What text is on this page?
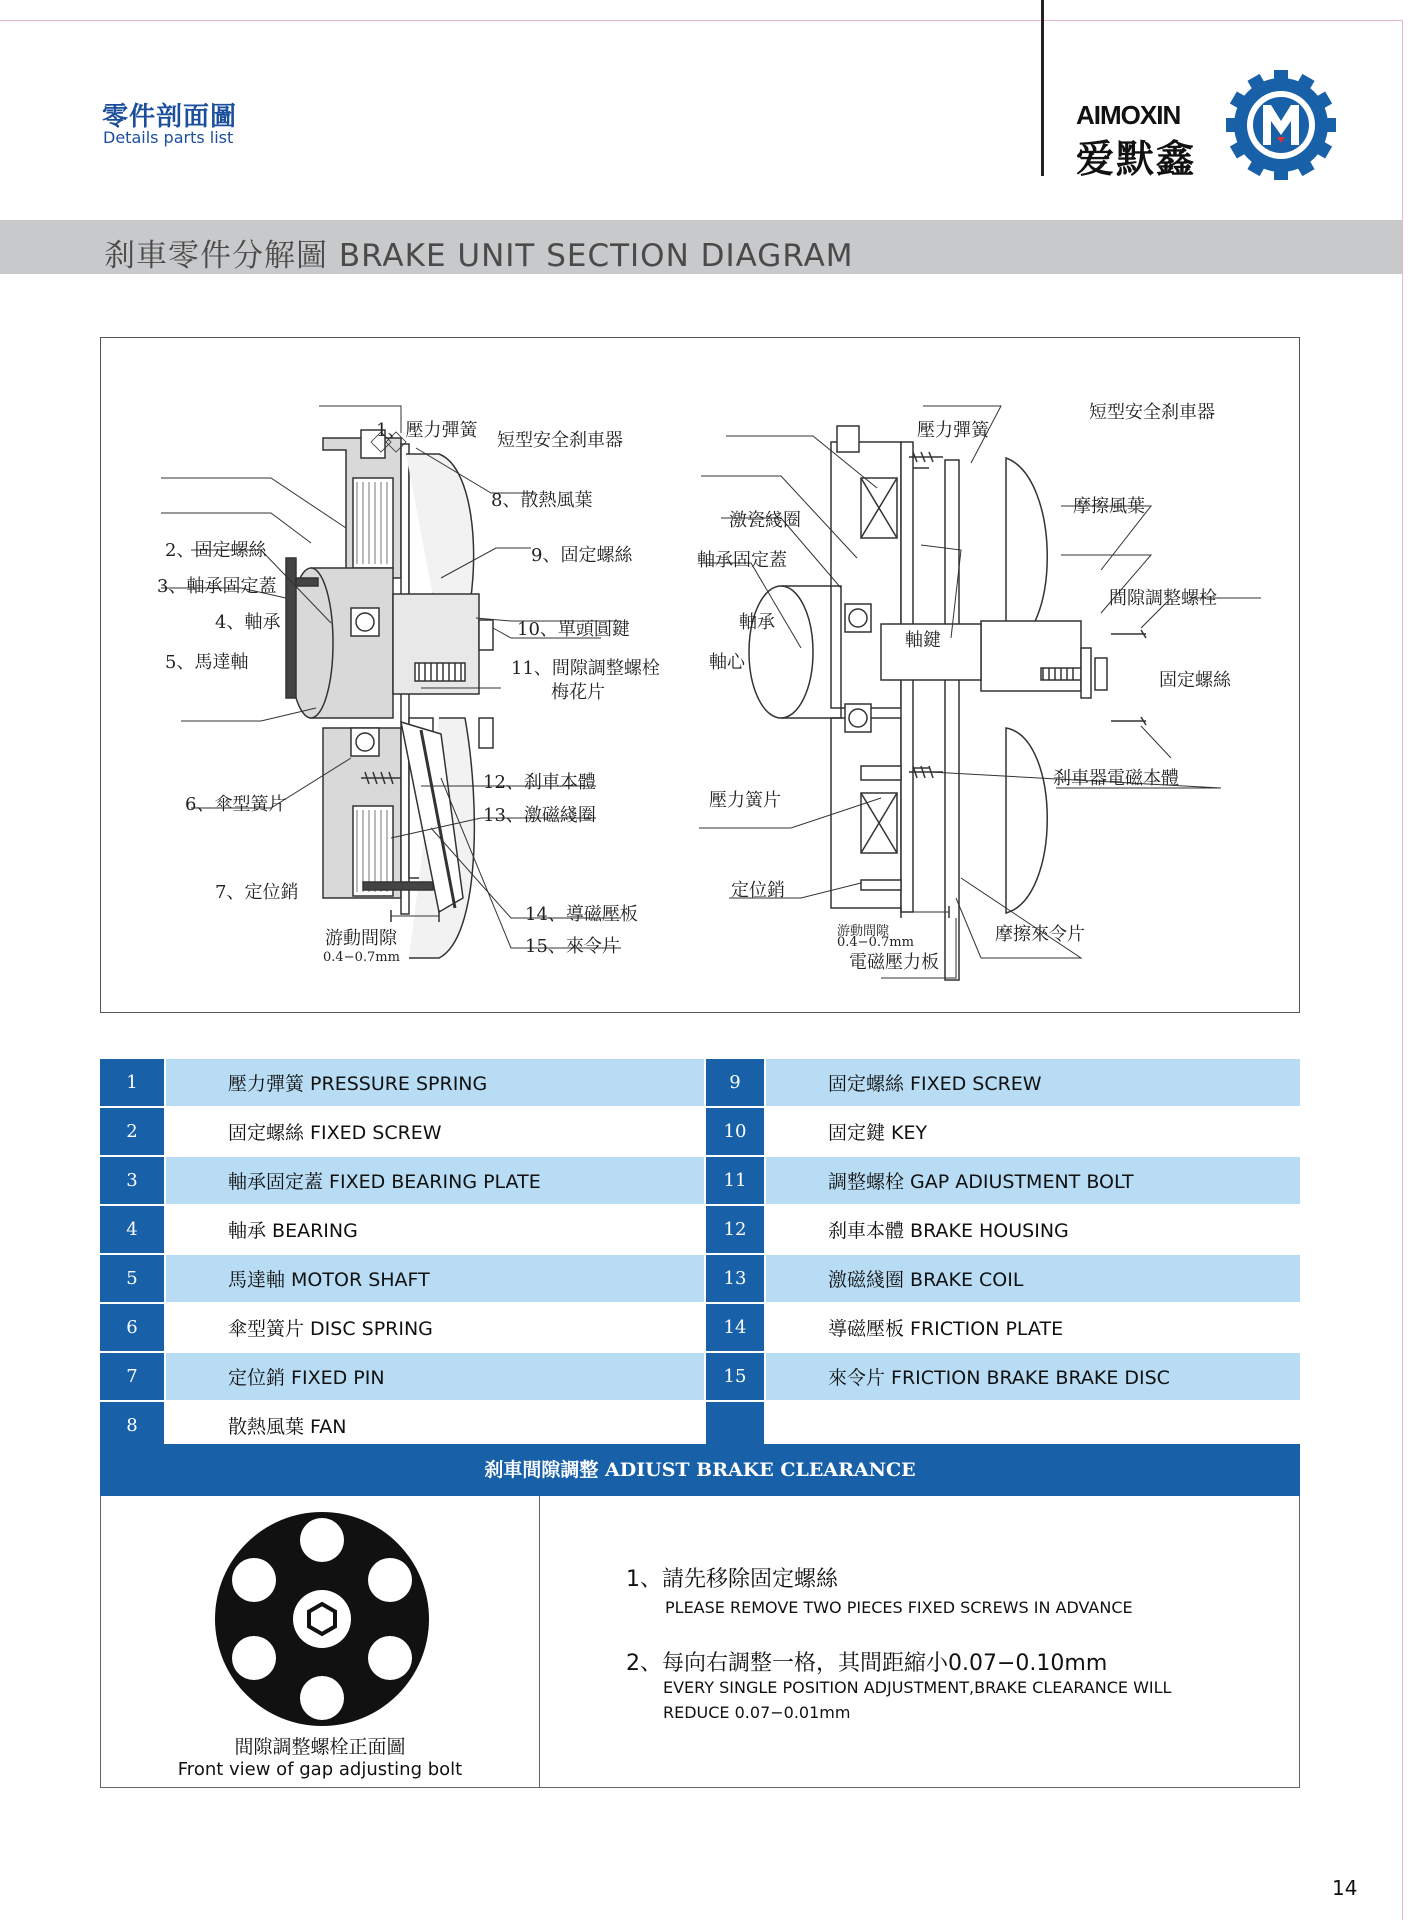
零件剖面圖
Details parts list
AIMOXIN
爱默鑫
刹車零件分解圖 BRAKE UNIT SECTION DIAGRAM
1、壓力彈簧 短型安全刹車器
8、散熱風葉
2、固定螺絲	9、固定螺絲
3、軸承固定蓋
4、軸承	10、單頭圓鍵
5、馬達軸	11、間隙調整螺栓
梅花片
12、刹車本體
6、傘型簧片
13、激磁綫圈
7、定位銷
14、導磁壓板
游動間隙	15、來令片
0.4−0.7mm
短型安全刹車器
壓力彈簧
激瓷綫圈
摩擦風葉
軸承固定蓋
間隙調整螺栓
軸承
軸鍵
軸心
固定螺絲
刹車器電磁本體
壓力簧片
定位銷
游動間隙
0.4−0.7mm	摩擦來令片
電磁壓力板
1	壓力彈簧 PRESSURE SPRING	9	固定螺絲 FIXED SCREW
2	固定螺絲 FIXED SCREW	10	固定鍵 KEY
3	軸承固定蓋 FIXED BEARING PLATE	11	調整螺栓 GAP ADIUSTMENT BOLT
4	軸承 BEARING	12	刹車本體 BRAKE HOUSING
5	馬達軸 MOTOR SHAFT	13	激磁綫圈 BRAKE COIL
6	傘型簧片 DISC SPRING	14	導磁壓板 FRICTION PLATE
7	定位銷 FIXED PIN	15	來令片 FRICTION BRAKE BRAKE DISC
8	散熱風葉 FAN		
刹車間隙調整 ADIUST BRAKE CLEARANCE
間隙調整螺栓正面圖
Front view of gap adjusting bolt
1、請先移除固定螺絲
PLEASE REMOVE TWO PIECES FIXED SCREWS IN ADVANCE
2、每向右調整一格，其間距縮小0.07−0.10mm
EVERY SINGLE POSITION ADJUSTMENT,BRAKE CLEARANCE WILL
REDUCE 0.07−0.01mm
14
